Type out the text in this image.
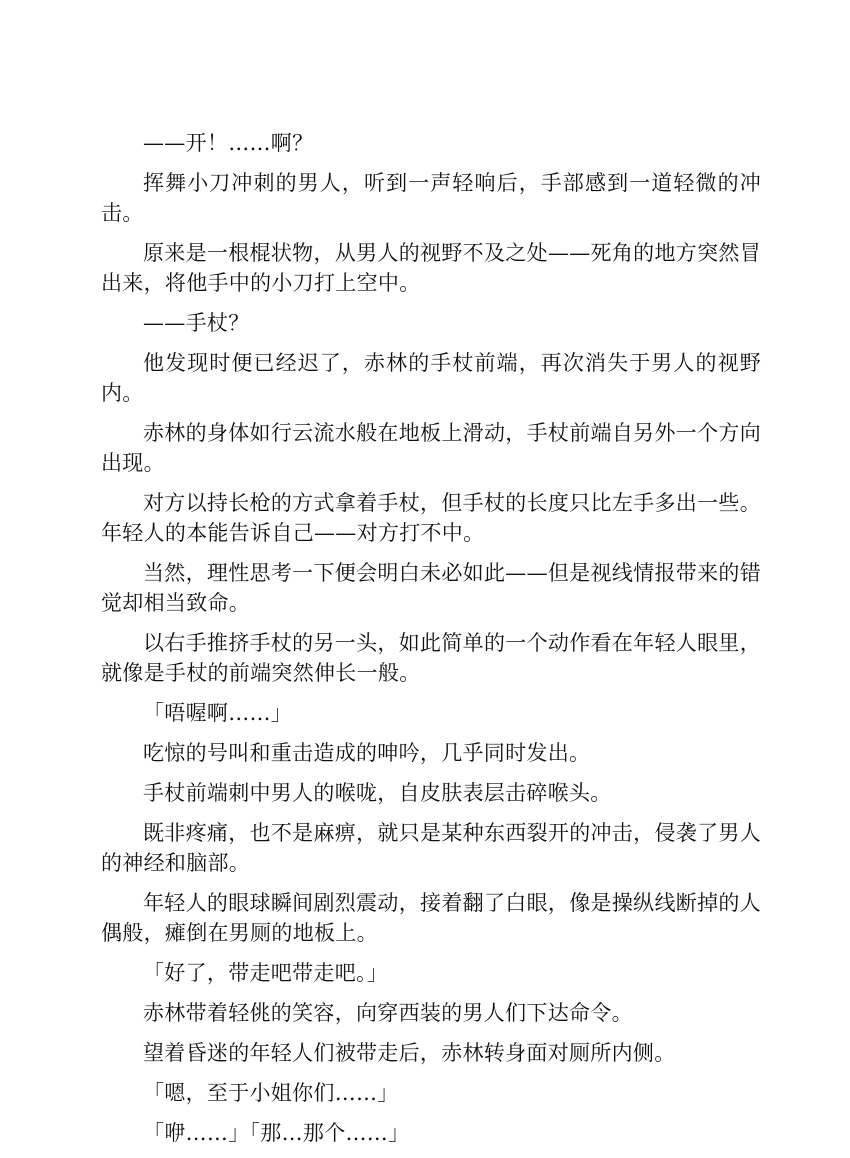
——开！……啊？

挥舞小刀冲刺的男人，听到一声轻响后，手部感到一道轻微的冲击。

原来是一根棍状物，从男人的视野不及之处——死角的地方突然冒出来，将他手中的小刀打上空中。

——手杖？

他发现时便已经迟了，赤林的手杖前端，再次消失于男人的视野内。

赤林的身体如行云流水般在地板上滑动，手杖前端自另外一个方向出现。

对方以持长枪的方式拿着手杖，但手杖的长度只比左手多出一些。年轻人的本能告诉自己——对方打不中。

当然，理性思考一下便会明白未必如此——但是视线情报带来的错觉却相当致命。

以右手推挤手杖的另一头，如此简单的一个动作看在年轻人眼里，就像是手杖的前端突然伸长一般。

「唔喔啊……」

吃惊的号叫和重击造成的呻吟，几乎同时发出。

手杖前端刺中男人的喉咙，自皮肤表层击碎喉头。

既非疼痛，也不是麻痹，就只是某种东西裂开的冲击，侵袭了男人的神经和脑部。

年轻人的眼球瞬间剧烈震动，接着翻了白眼，像是操纵线断掉的人偶般，瘫倒在男厕的地板上。

「好了，带走吧带走吧。」

赤林带着轻佻的笑容，向穿西装的男人们下达命令。

望着昏迷的年轻人们被带走后，赤林转身面对厕所内侧。

「嗯，至于小姐你们……」

「咿……」「那…那个……」
